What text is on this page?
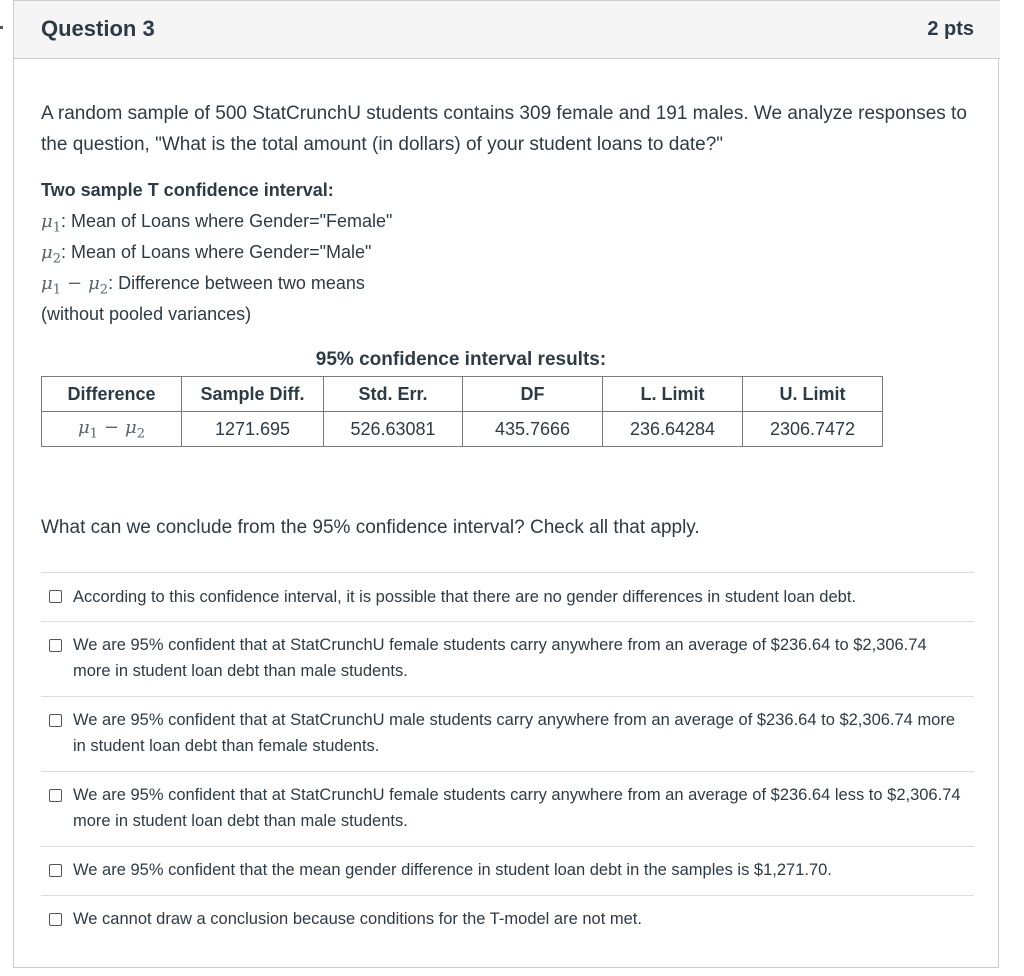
Question 3	2 pts
A random sample of 500 StatCrunchU students contains 309 female and 191 males. We analyze responses to the question, "What is the total amount (in dollars) of your student loans to date?"
Two sample T confidence interval:
$\mu_1$: Mean of Loans where Gender="Female"
$\mu_2$: Mean of Loans where Gender="Male"
$\mu_1 - \mu_2$: Difference between two means
(without pooled variances)
95% confidence interval results:
Difference	Sample Diff.	Std. Err.	DF	L. Limit	U. Limit
$\mu_1 - \mu_2$	1271.695	526.63081	435.7666	236.64284	2306.7472
What can we conclude from the 95% confidence interval? Check all that apply.
According to this confidence interval, it is possible that there are no gender differences in student loan debt.
We are 95% confident that at StatCrunchU female students carry anywhere from an average of $236.64 to $2,306.74 more in student loan debt than male students.
We are 95% confident that at StatCrunchU male students carry anywhere from an average of $236.64 to $2,306.74 more in student loan debt than female students.
We are 95% confident that at StatCrunchU female students carry anywhere from an average of $236.64 less to $2,306.74 more in student loan debt than male students.
We are 95% confident that the mean gender difference in student loan debt in the samples is $1,271.70.
We cannot draw a conclusion because conditions for the T-model are not met.
